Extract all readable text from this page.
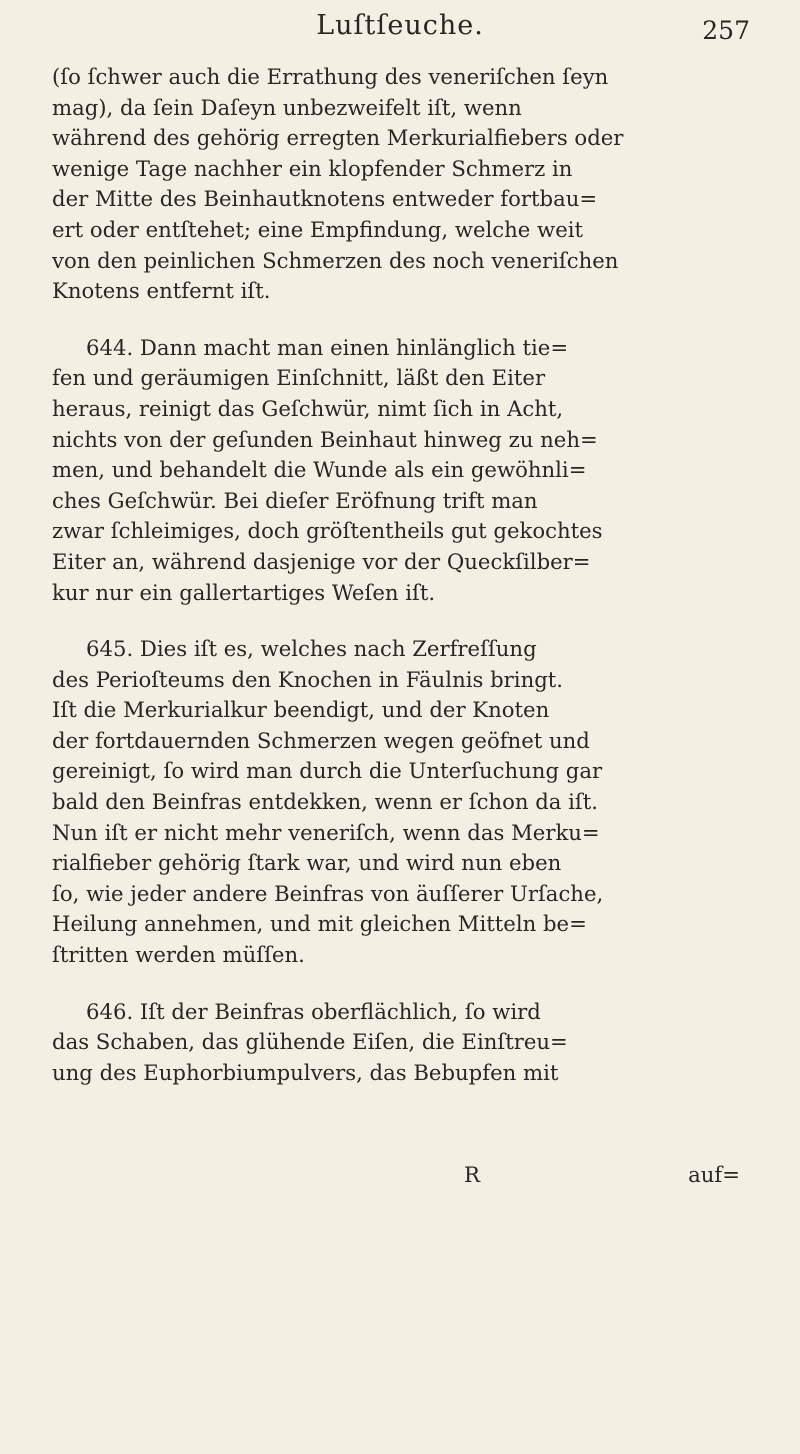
Luſtſeuche.	257
(ſo ſchwer auch die Errathung des veneriſchen ſeyn
mag), da ſein Daſeyn unbezweifelt iſt, wenn
während des gehörig erregten Merkurialfiebers oder
wenige Tage nachher ein klopfender Schmerz in
der Mitte des Beinhautknotens entweder fortbau=
ert oder entſtehet; eine Empfindung, welche weit
von den peinlichen Schmerzen des noch veneriſchen
Knotens entfernt iſt.
644. Dann macht man einen hinlänglich tie=
fen und geräumigen Einſchnitt, läßt den Eiter
heraus, reinigt das Geſchwür, nimt ſich in Acht,
nichts von der geſunden Beinhaut hinweg zu neh=
men, und behandelt die Wunde als ein gewöhnli=
ches Geſchwür. Bei dieſer Eröfnung trift man
zwar ſchleimiges, doch gröſtentheils gut gekochtes
Eiter an, während dasjenige vor der Queckſilber=
kur nur ein gallertartiges Weſen iſt.
645. Dies iſt es, welches nach Zerfreſſung
des Perioſteums den Knochen in Fäulnis bringt.
Iſt die Merkurialkur beendigt, und der Knoten
der fortdauernden Schmerzen wegen geöfnet und
gereinigt, ſo wird man durch die Unterſuchung gar
bald den Beinfras entdekken, wenn er ſchon da iſt.
Nun iſt er nicht mehr veneriſch, wenn das Merku=
rialfieber gehörig ſtark war, und wird nun eben
ſo, wie jeder andere Beinfras von äuſſerer Urſache,
Heilung annehmen, und mit gleichen Mitteln be=
ſtritten werden müſſen.
646. Iſt der Beinfras oberflächlich, ſo wird
das Schaben, das glühende Eiſen, die Einſtreu=
ung des Euphorbiumpulvers, das Bebupfen mit
R	auf=
